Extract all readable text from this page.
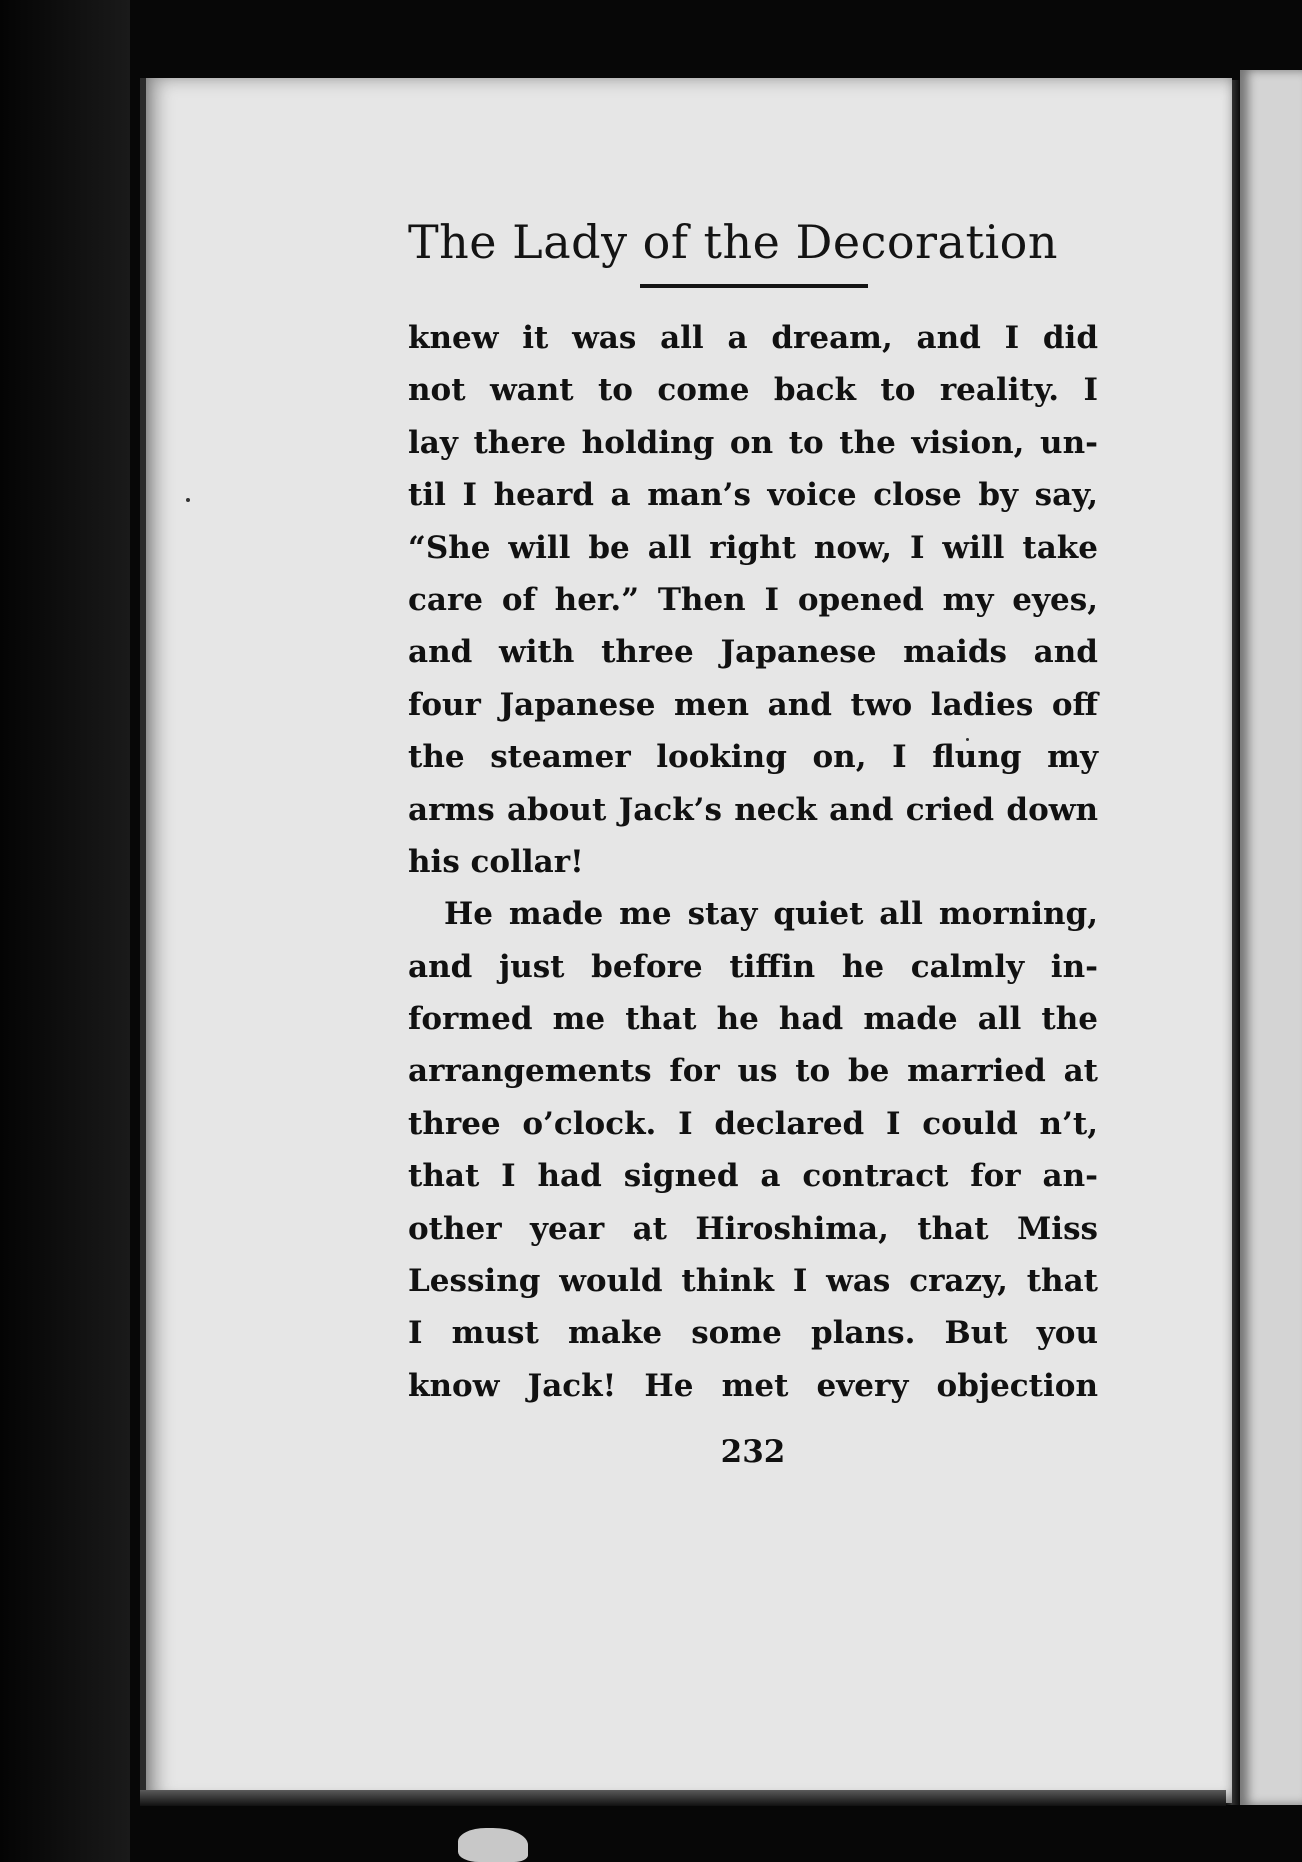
The Lady of the Decoration
knew it was all a dream, and I did
not want to come back to reality. I
lay there holding on to the vision, un-
til I heard a man’s voice close by say,
“She will be all right now, I will take
care of her.” Then I opened my eyes,
and with three Japanese maids and
four Japanese men and two ladies off
the steamer looking on, I flung my
arms about Jack’s neck and cried down
his collar!
He made me stay quiet all morning,
and just before tiffin he calmly in-
formed me that he had made all the
arrangements for us to be married at
three o’clock. I declared I could n’t,
that I had signed a contract for an-
other year at Hiroshima, that Miss
Lessing would think I was crazy, that
I must make some plans. But you
know Jack! He met every objection
232
